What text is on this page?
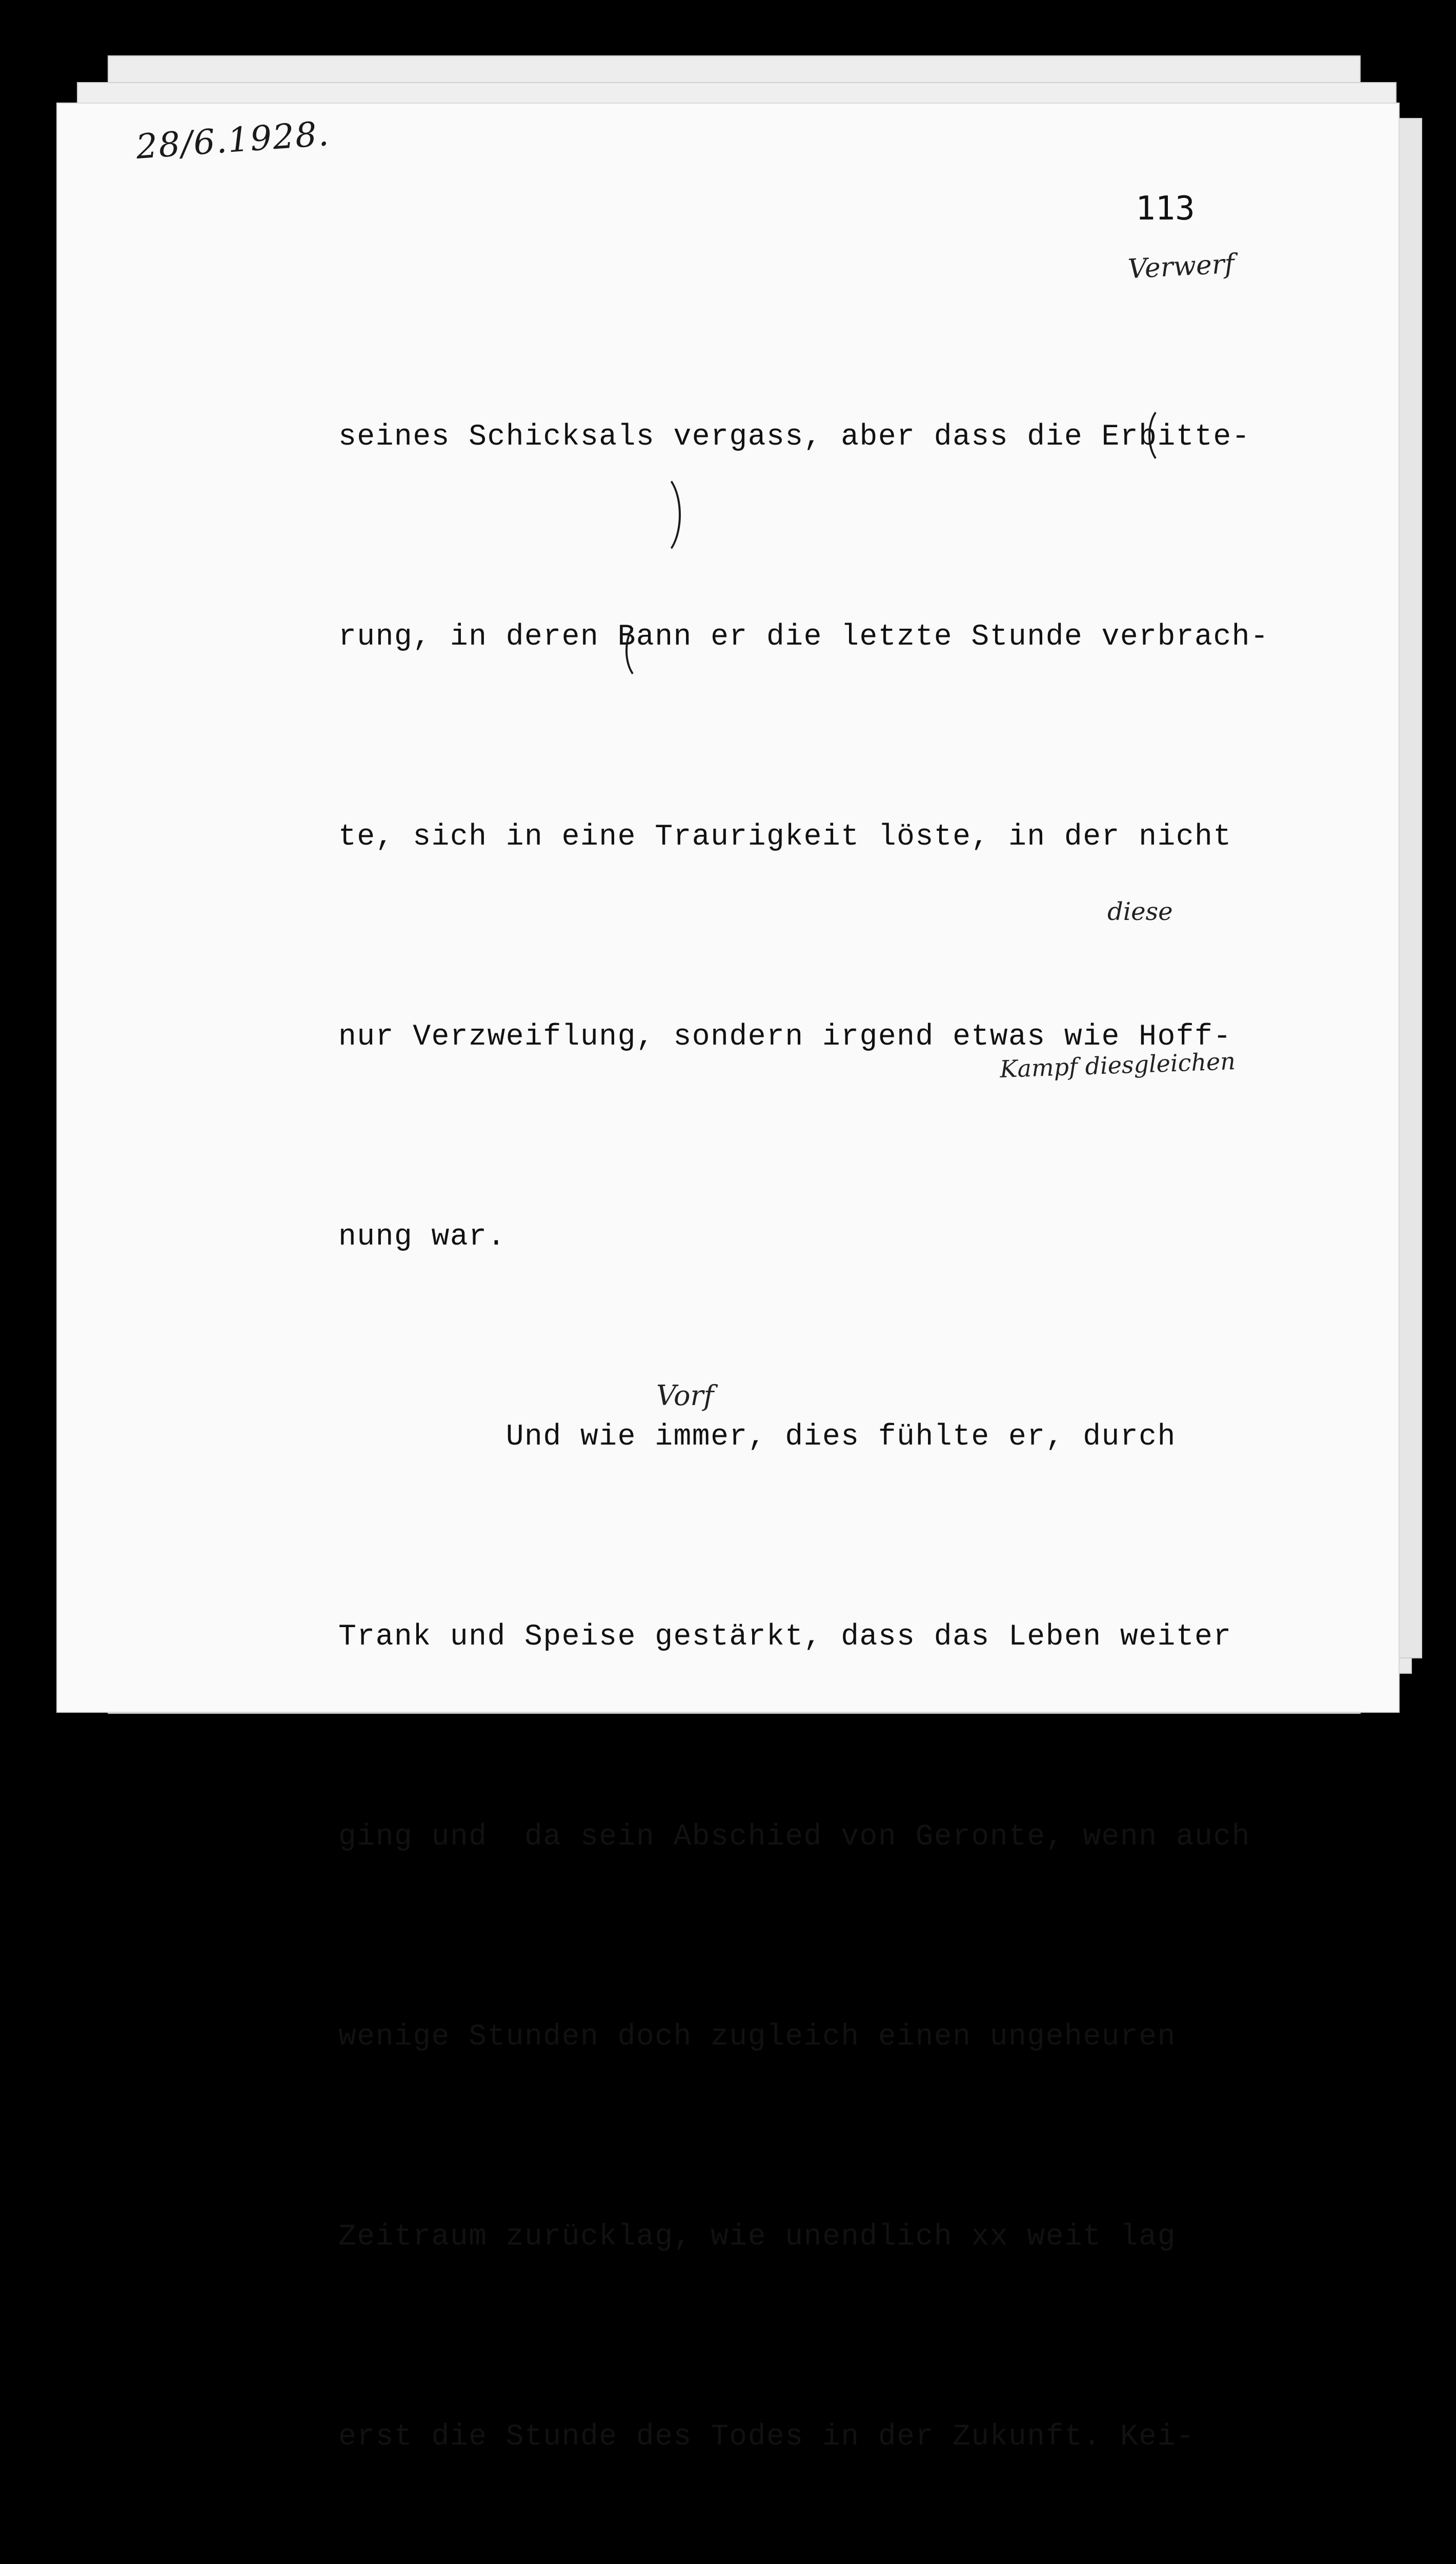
28/6.1928.
113

seines Schicksals vergass, aber dass die Erbitte-

rung, in deren Bann er die letzte Stunde verbrach-

te, sich in eine Traurigkeit löste, in der nicht

nur Verzweiflung, sondern irgend etwas wie Hoff-

nung war.

Und wie immer, dies fühlte er, durch

Trank und Speise gestärkt, dass das Leben weiter

ging und  da sein Abschied von Geronte, wenn auch

wenige Stunden doch zugleich einen ungeheuren

Zeitraum zurücklag, wie unendlich xx weit lag

erst die Stunde des Todes in der Zukunft. Kei-

Verwerf
diese
Kampf diesgleichen
Vorf
